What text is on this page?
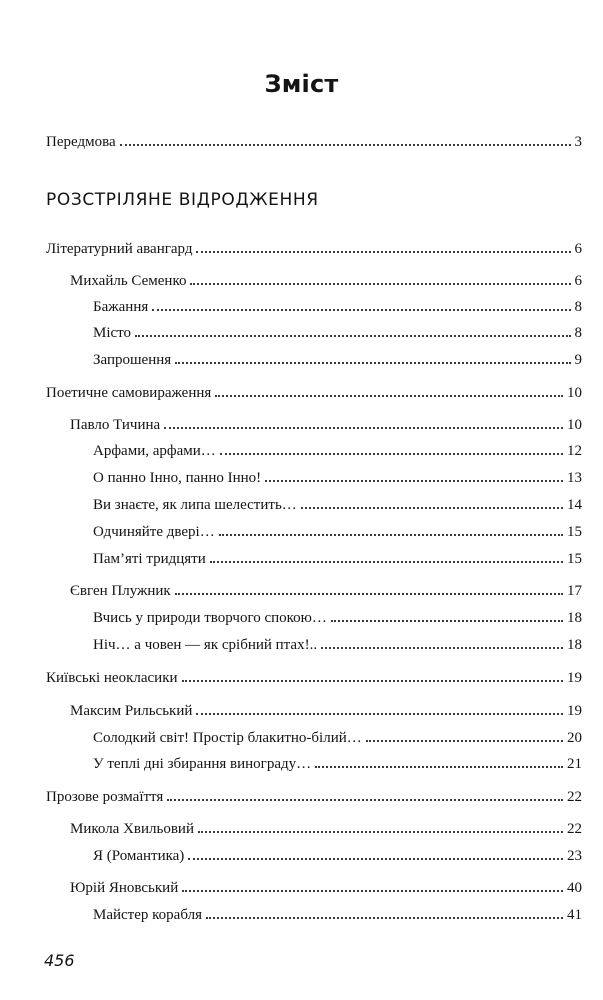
Зміст
Передмова	3
РОЗСТРІЛЯНЕ ВІДРОДЖЕННЯ
Літературний авангард	6
Михайль Семенко	6
Бажання	8
Місто	8
Запрошення	9
Поетичне самовираження	10
Павло Тичина	10
Арфами, арфами…	12
О панно Інно, панно Інно!	13
Ви знаєте, як липа шелестить…	14
Одчиняйте двері…	15
Пам’яті тридцяти	15
Євген Плужник	17
Вчись у природи творчого спокою…	18
Ніч… а човен — як срібний птах!..	18
Київські неокласики	19
Максим Рильський	19
Солодкий світ! Простір блакитно-білий…	20
У теплі дні збирання винограду…	21
Прозове розмаїття	22
Микола Хвильовий	22
Я (Романтика)	23
Юрій Яновський	40
Майстер корабля	41
456
